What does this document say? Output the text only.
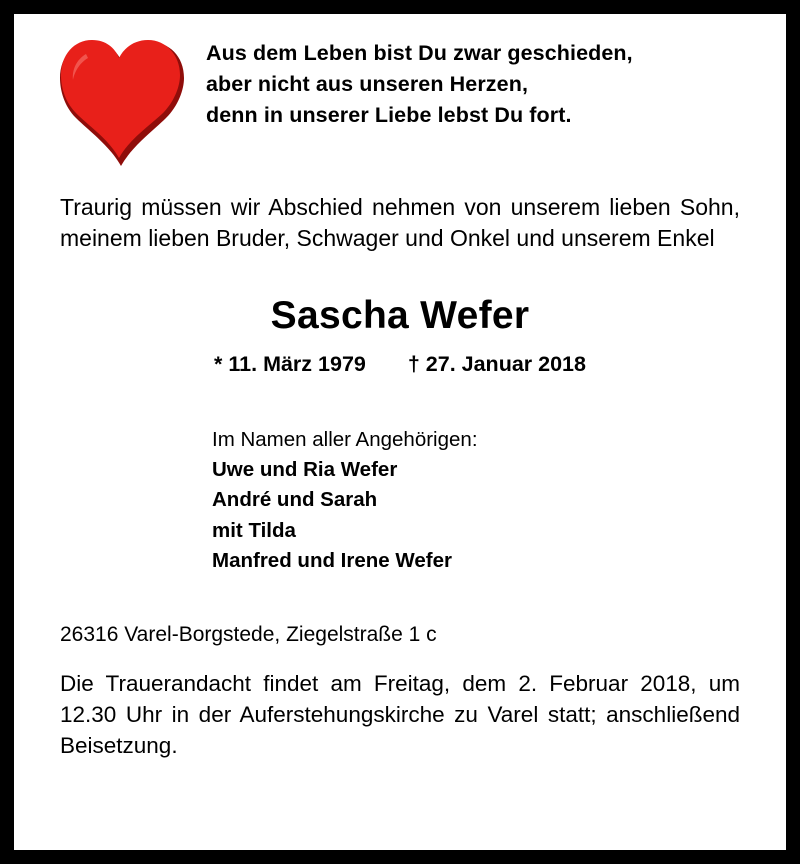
Aus dem Leben bist Du zwar geschieden,
aber nicht aus unseren Herzen,
denn in unserer Liebe lebst Du fort.
Traurig müssen wir Abschied nehmen von unserem lieben Sohn, meinem lieben Bruder, Schwager und Onkel und unserem Enkel
Sascha Wefer
* 11. März 1979 † 27. Januar 2018
Im Namen aller Angehörigen:
Uwe und Ria Wefer
André und Sarah
mit Tilda
Manfred und Irene Wefer
26316 Varel-Borgstede, Ziegelstraße 1 c
Die Trauerandacht findet am Freitag, dem 2. Februar 2018, um 12.30 Uhr in der Auferstehungskirche zu Varel statt; anschließend Beisetzung.
